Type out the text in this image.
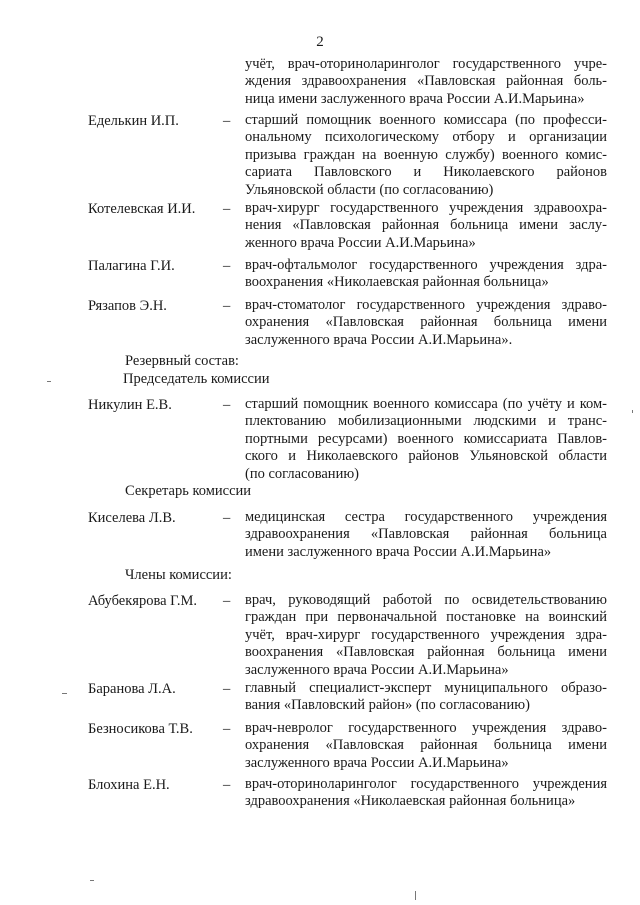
2
учёт, врач-оториноларинголог государственного учре-
ждения здравоохранения «Павловская районная боль-
ница имени заслуженного врача России А.И.Марьина»
Еделькин И.П.	– старший помощник военного комиссара (по професси-
ональному психологическому отбору и организации
призыва граждан на военную службу) военного комис-
сариата Павловского и Николаевского районов
Ульяновской области (по согласованию)
Котелевская И.И. – врач-хирург государственного учреждения здравоохра-
нения «Павловская районная больница имени заслу-
женного врача России А.И.Марьина»
Палагина Г.И.	– врач-офтальмолог государственного учреждения здра-
воохранения «Николаевская районная больница»
Рязапов Э.Н.	– врач-стоматолог государственного учреждения здраво-
охранения «Павловская районная больница имени
заслуженного врача России А.И.Марьина».
Резервный состав:
Председатель комиссии
Никулин Е.В.	– старший помощник военного комиссара (по учёту и ком-
плектованию мобилизационными людскими и транс-
портными ресурсами) военного комиссариата Павлов-
ского и Николаевского районов Ульяновской области
(по согласованию)
Секретарь комиссии
Киселева Л.В.	– медицинская сестра государственного учреждения
здравоохранения «Павловская районная больница
имени заслуженного врача России А.И.Марьина»
Члены комиссии:
Абубекярова Г.М. – врач, руководящий работой по освидетельствованию
граждан при первоначальной постановке на воинский
учёт, врач-хирург государственного учреждения здра-
воохранения «Павловская районная больница имени
заслуженного врача России А.И.Марьина»
Баранова Л.А.	– главный специалист-эксперт муниципального образо-
вания «Павловский район» (по согласованию)
Безносикова Т.В. – врач-невролог государственного учреждения здраво-
охранения «Павловская районная больница имени
заслуженного врача России А.И.Марьина»
Блохина Е.Н.	– врач-оториноларинголог государственного учреждения
здравоохранения «Николаевская районная больница»
